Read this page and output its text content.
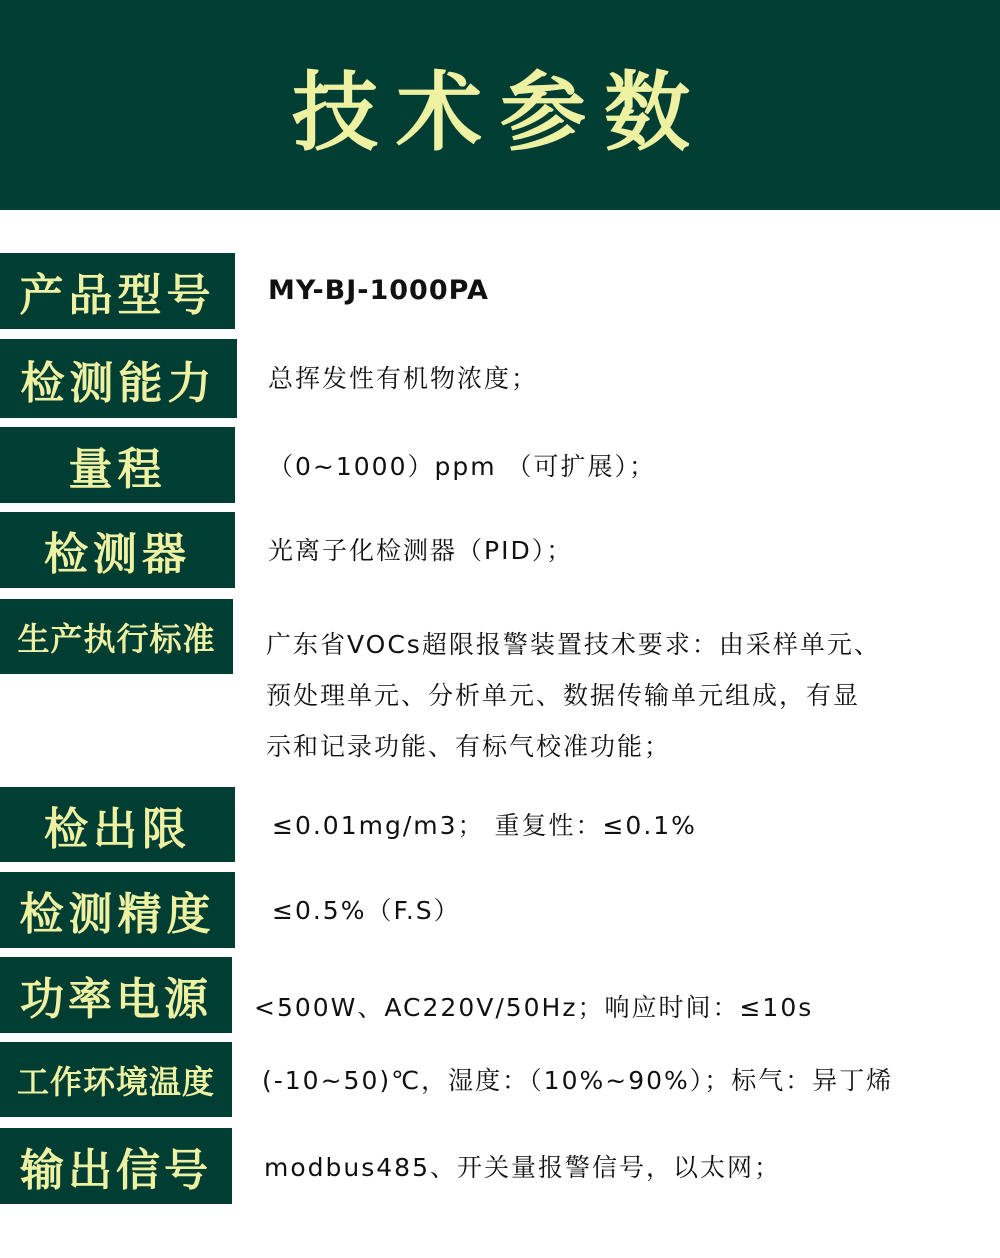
技术参数
产品型号	MY-BJ-1000PA
检测能力	总挥发性有机物浓度；
量程	（0~1000）ppm （可扩展）；
检测器	光离子化检测器（PID）；
生产执行标准	广东省VOCs超限报警装置技术要求：由采样单元、
预处理单元、分析单元、数据传输单元组成，有显
示和记录功能、有标气校准功能；
检出限	≤0.01mg/m3； 重复性：≤0.1%
检测精度	≤0.5%（F.S）
功率电源	<500W、AC220V/50Hz；响应时间：≤10s
工作环境温度	(-10~50)℃，湿度：（10%~90%）；标气：异丁烯
输出信号	modbus485、开关量报警信号，以太网；
